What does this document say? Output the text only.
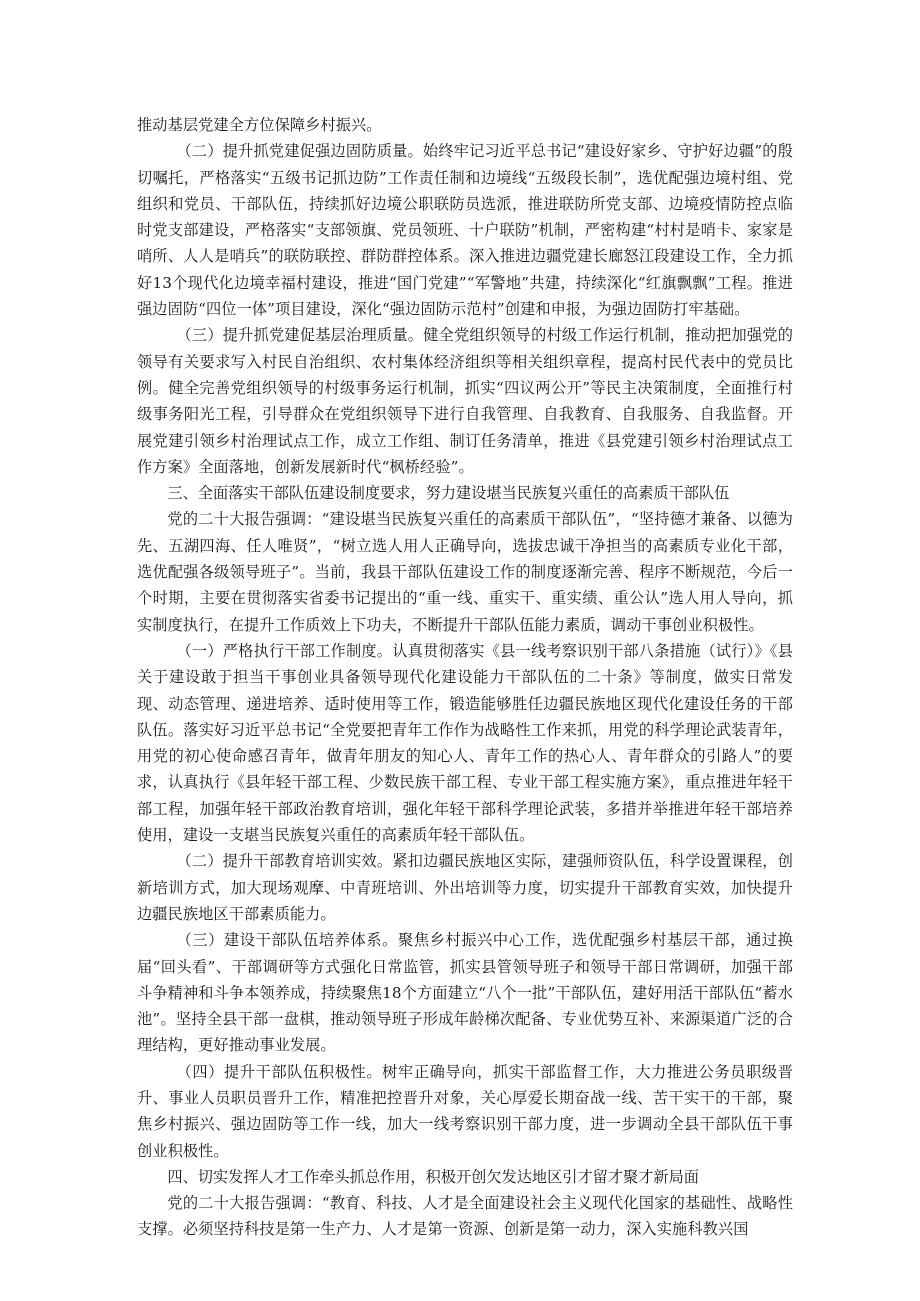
推动基层党建全方位保障乡村振兴。

（二）提升抓党建促强边固防质量。始终牢记习近平总书记“建设好家乡、守护好边疆”的殷切嘱托，严格落实“五级书记抓边防”工作责任制和边境线“五级段长制”，选优配强边境村组、党组织和党员、干部队伍，持续抓好边境公职联防员选派，推进联防所党支部、边境疫情防控点临时党支部建设，严格落实“支部领旗、党员领班、十户联防”机制，严密构建“村村是哨卡、家家是哨所、人人是哨兵”的联防联控、群防群控体系。深入推进边疆党建长廊怒江段建设工作，全力抓好13个现代化边境幸福村建设，推进“国门党建”“军警地”共建，持续深化“红旗飘飘”工程。推进强边固防“四位一体”项目建设，深化“强边固防示范村”创建和申报，为强边固防打牢基础。

（三）提升抓党建促基层治理质量。健全党组织领导的村级工作运行机制，推动把加强党的领导有关要求写入村民自治组织、农村集体经济组织等相关组织章程，提高村民代表中的党员比例。健全完善党组织领导的村级事务运行机制，抓实“四议两公开”等民主决策制度，全面推行村级事务阳光工程，引导群众在党组织领导下进行自我管理、自我教育、自我服务、自我监督。开展党建引领乡村治理试点工作，成立工作组、制订任务清单，推进《县党建引领乡村治理试点工作方案》全面落地，创新发展新时代“枫桥经验”。

三、全面落实干部队伍建设制度要求，努力建设堪当民族复兴重任的高素质干部队伍

党的二十大报告强调：“建设堪当民族复兴重任的高素质干部队伍”，“坚持德才兼备、以德为先、五湖四海、任人唯贤”，“树立选人用人正确导向，选拔忠诚干净担当的高素质专业化干部，选优配强各级领导班子”。当前，我县干部队伍建设工作的制度逐渐完善、程序不断规范，今后一个时期，主要在贯彻落实省委书记提出的“重一线、重实干、重实绩、重公认”选人用人导向，抓实制度执行，在提升工作质效上下功夫，不断提升干部队伍能力素质，调动干事创业积极性。

（一）严格执行干部工作制度。认真贯彻落实《县一线考察识别干部八条措施（试行）》《县关于建设敢于担当干事创业具备领导现代化建设能力干部队伍的二十条》等制度，做实日常发现、动态管理、递进培养、适时使用等工作，锻造能够胜任边疆民族地区现代化建设任务的干部队伍。落实好习近平总书记“全党要把青年工作作为战略性工作来抓，用党的科学理论武装青年，用党的初心使命感召青年，做青年朋友的知心人、青年工作的热心人、青年群众的引路人”的要求，认真执行《县年轻干部工程、少数民族干部工程、专业干部工程实施方案》，重点推进年轻干部工程，加强年轻干部政治教育培训，强化年轻干部科学理论武装，多措并举推进年轻干部培养使用，建设一支堪当民族复兴重任的高素质年轻干部队伍。

（二）提升干部教育培训实效。紧扣边疆民族地区实际，建强师资队伍，科学设置课程，创新培训方式，加大现场观摩、中青班培训、外出培训等力度，切实提升干部教育实效，加快提升边疆民族地区干部素质能力。

（三）建设干部队伍培养体系。聚焦乡村振兴中心工作，选优配强乡村基层干部，通过换届“回头看”、干部调研等方式强化日常监管，抓实县管领导班子和领导干部日常调研，加强干部斗争精神和斗争本领养成，持续聚焦18个方面建立“八个一批”干部队伍，建好用活干部队伍“蓄水池”。坚持全县干部一盘棋，推动领导班子形成年龄梯次配备、专业优势互补、来源渠道广泛的合理结构，更好推动事业发展。

（四）提升干部队伍积极性。树牢正确导向，抓实干部监督工作，大力推进公务员职级晋升、事业人员职员晋升工作，精准把控晋升对象，关心厚爱长期奋战一线、苦干实干的干部，聚焦乡村振兴、强边固防等工作一线，加大一线考察识别干部力度，进一步调动全县干部队伍干事创业积极性。

四、切实发挥人才工作牵头抓总作用，积极开创欠发达地区引才留才聚才新局面

党的二十大报告强调：“教育、科技、人才是全面建设社会主义现代化国家的基础性、战略性支撑。必须坚持科技是第一生产力、人才是第一资源、创新是第一动力，深入实施科教兴国
